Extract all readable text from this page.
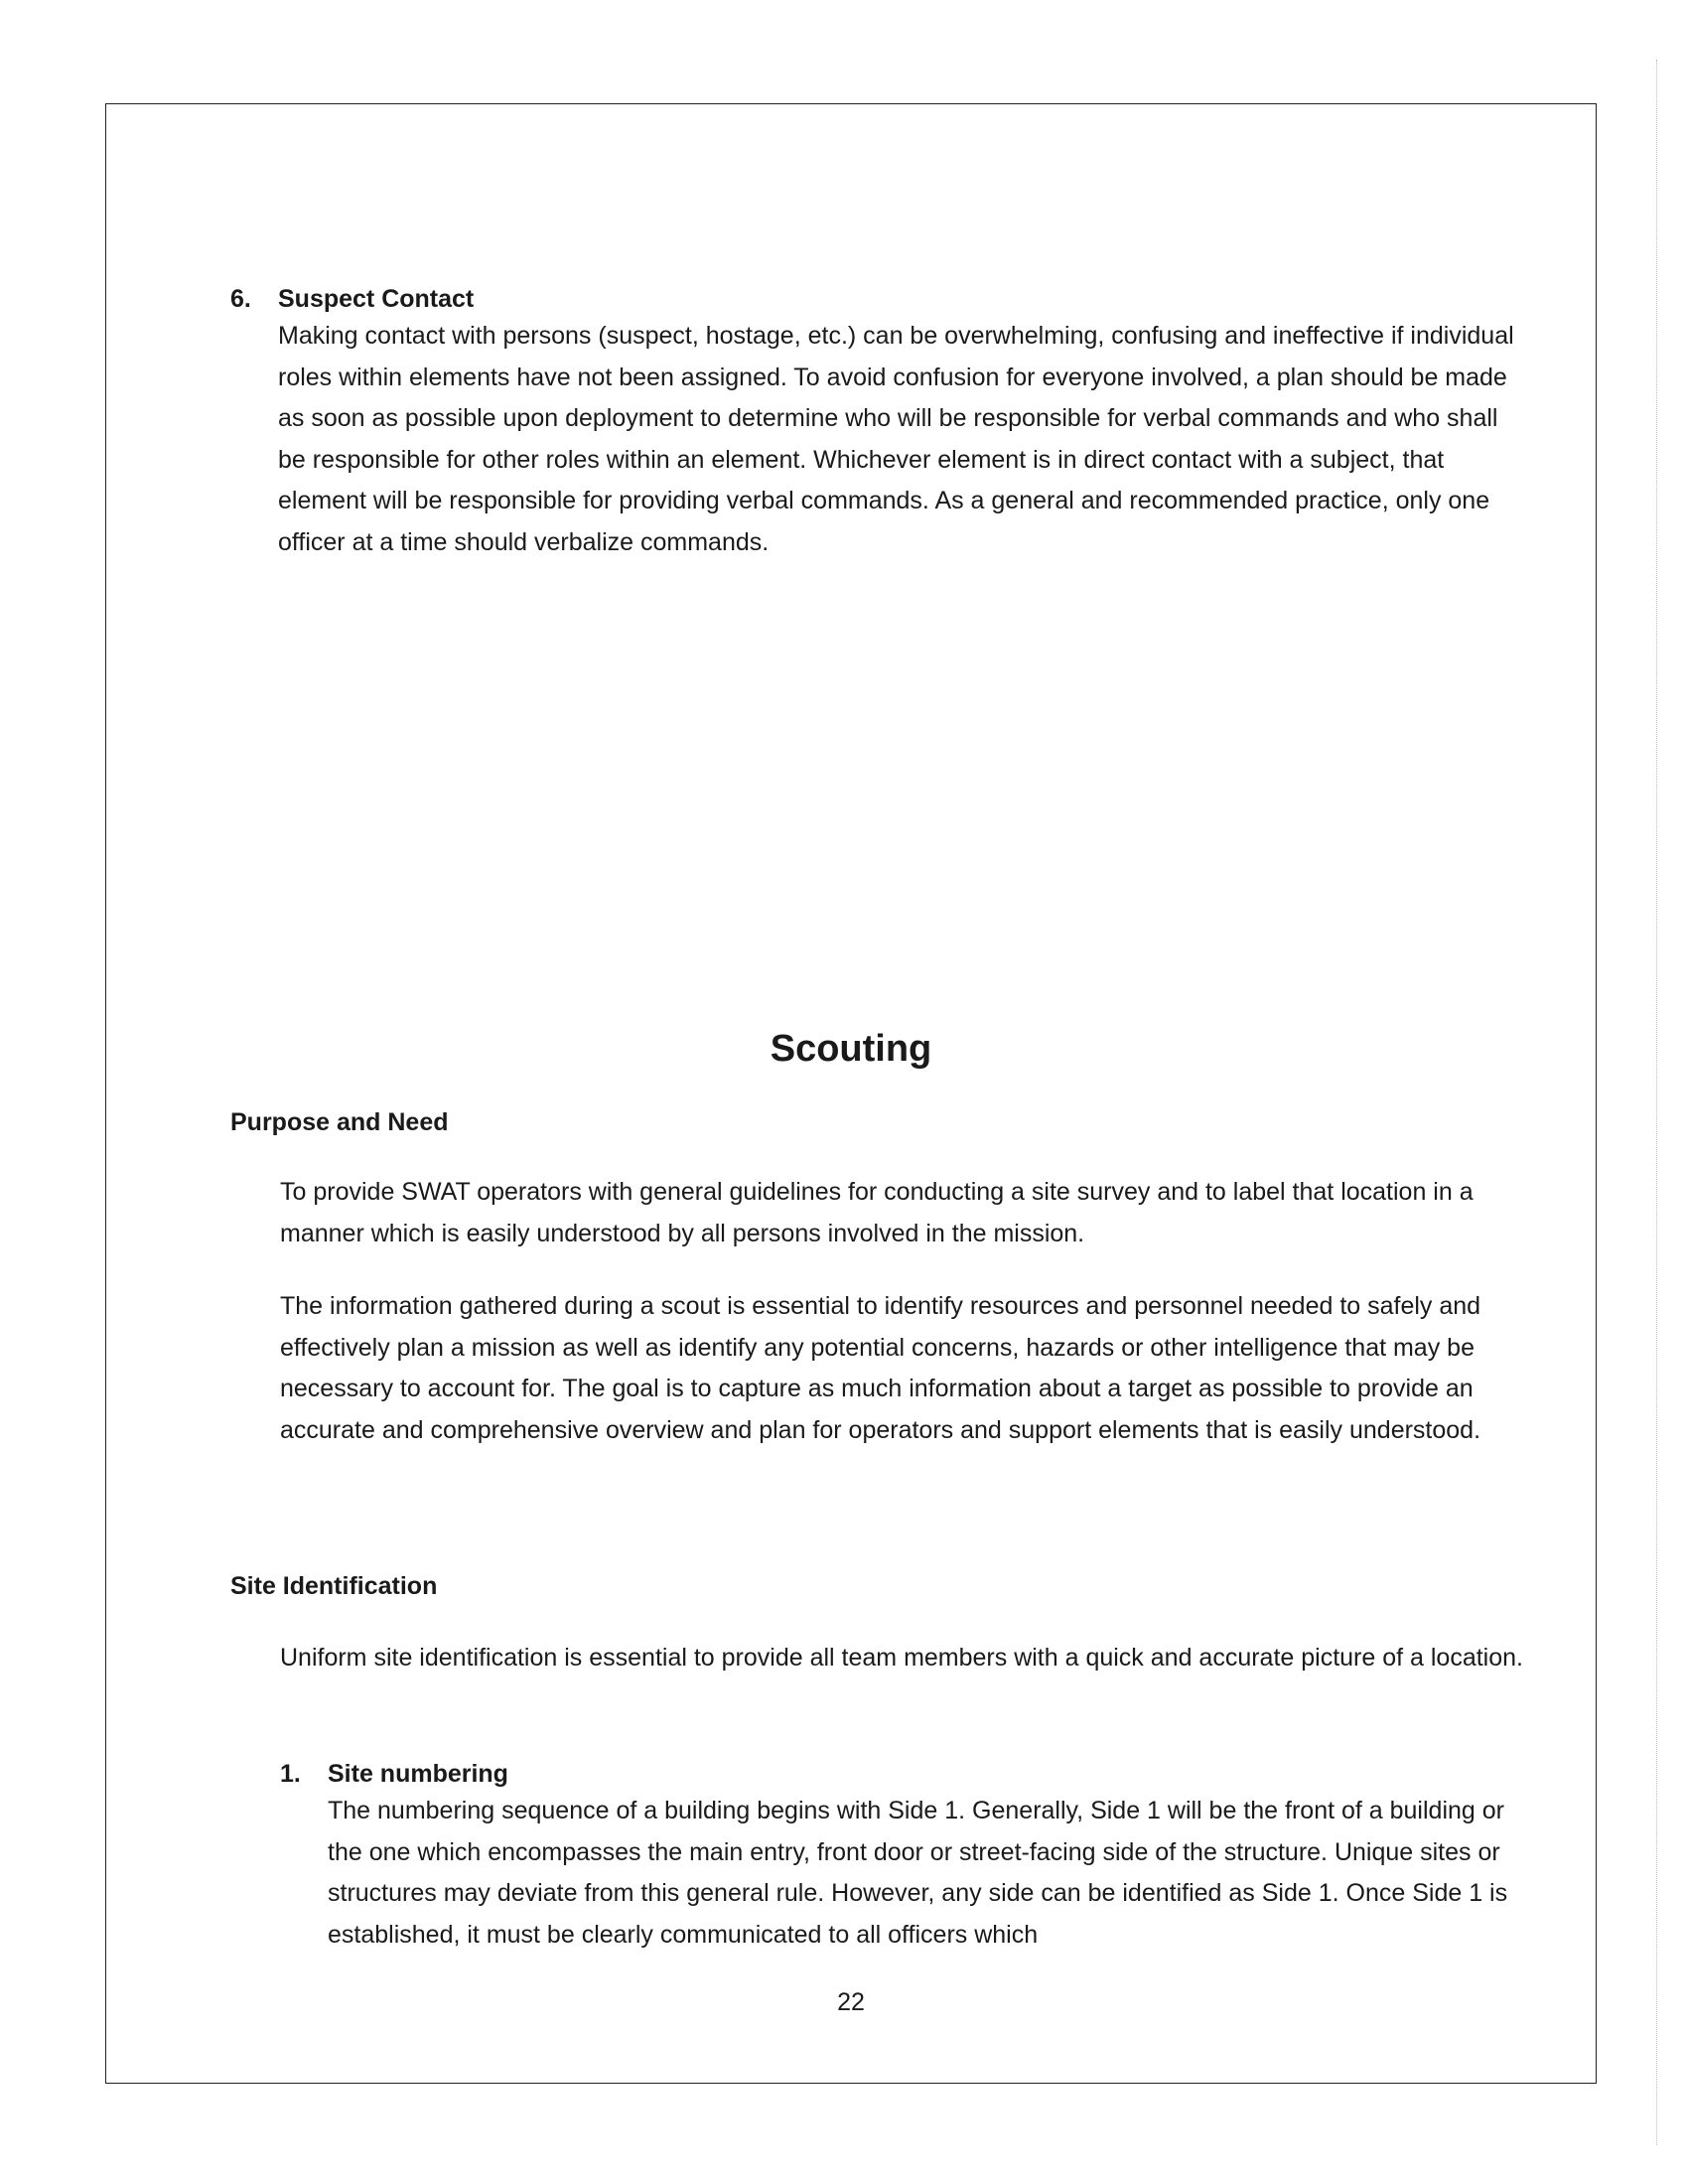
6. Suspect Contact

Making contact with persons (suspect, hostage, etc.) can be overwhelming, confusing and ineffective if individual roles within elements have not been assigned. To avoid confusion for everyone involved, a plan should be made as soon as possible upon deployment to determine who will be responsible for verbal commands and who shall be responsible for other roles within an element. Whichever element is in direct contact with a subject, that element will be responsible for providing verbal commands. As a general and recommended practice, only one officer at a time should verbalize commands.

Scouting
Purpose and Need

To provide SWAT operators with general guidelines for conducting a site survey and to label that location in a manner which is easily understood by all persons involved in the mission.

The information gathered during a scout is essential to identify resources and personnel needed to safely and effectively plan a mission as well as identify any potential concerns, hazards or other intelligence that may be necessary to account for. The goal is to capture as much information about a target as possible to provide an accurate and comprehensive overview and plan for operators and support elements that is easily understood.

Site Identification

Uniform site identification is essential to provide all team members with a quick and accurate picture of a location.

1. Site numbering

The numbering sequence of a building begins with Side 1. Generally, Side 1 will be the front of a building or the one which encompasses the main entry, front door or street-facing side of the structure. Unique sites or structures may deviate from this general rule. However, any side can be identified as Side 1. Once Side 1 is established, it must be clearly communicated to all officers which

22
